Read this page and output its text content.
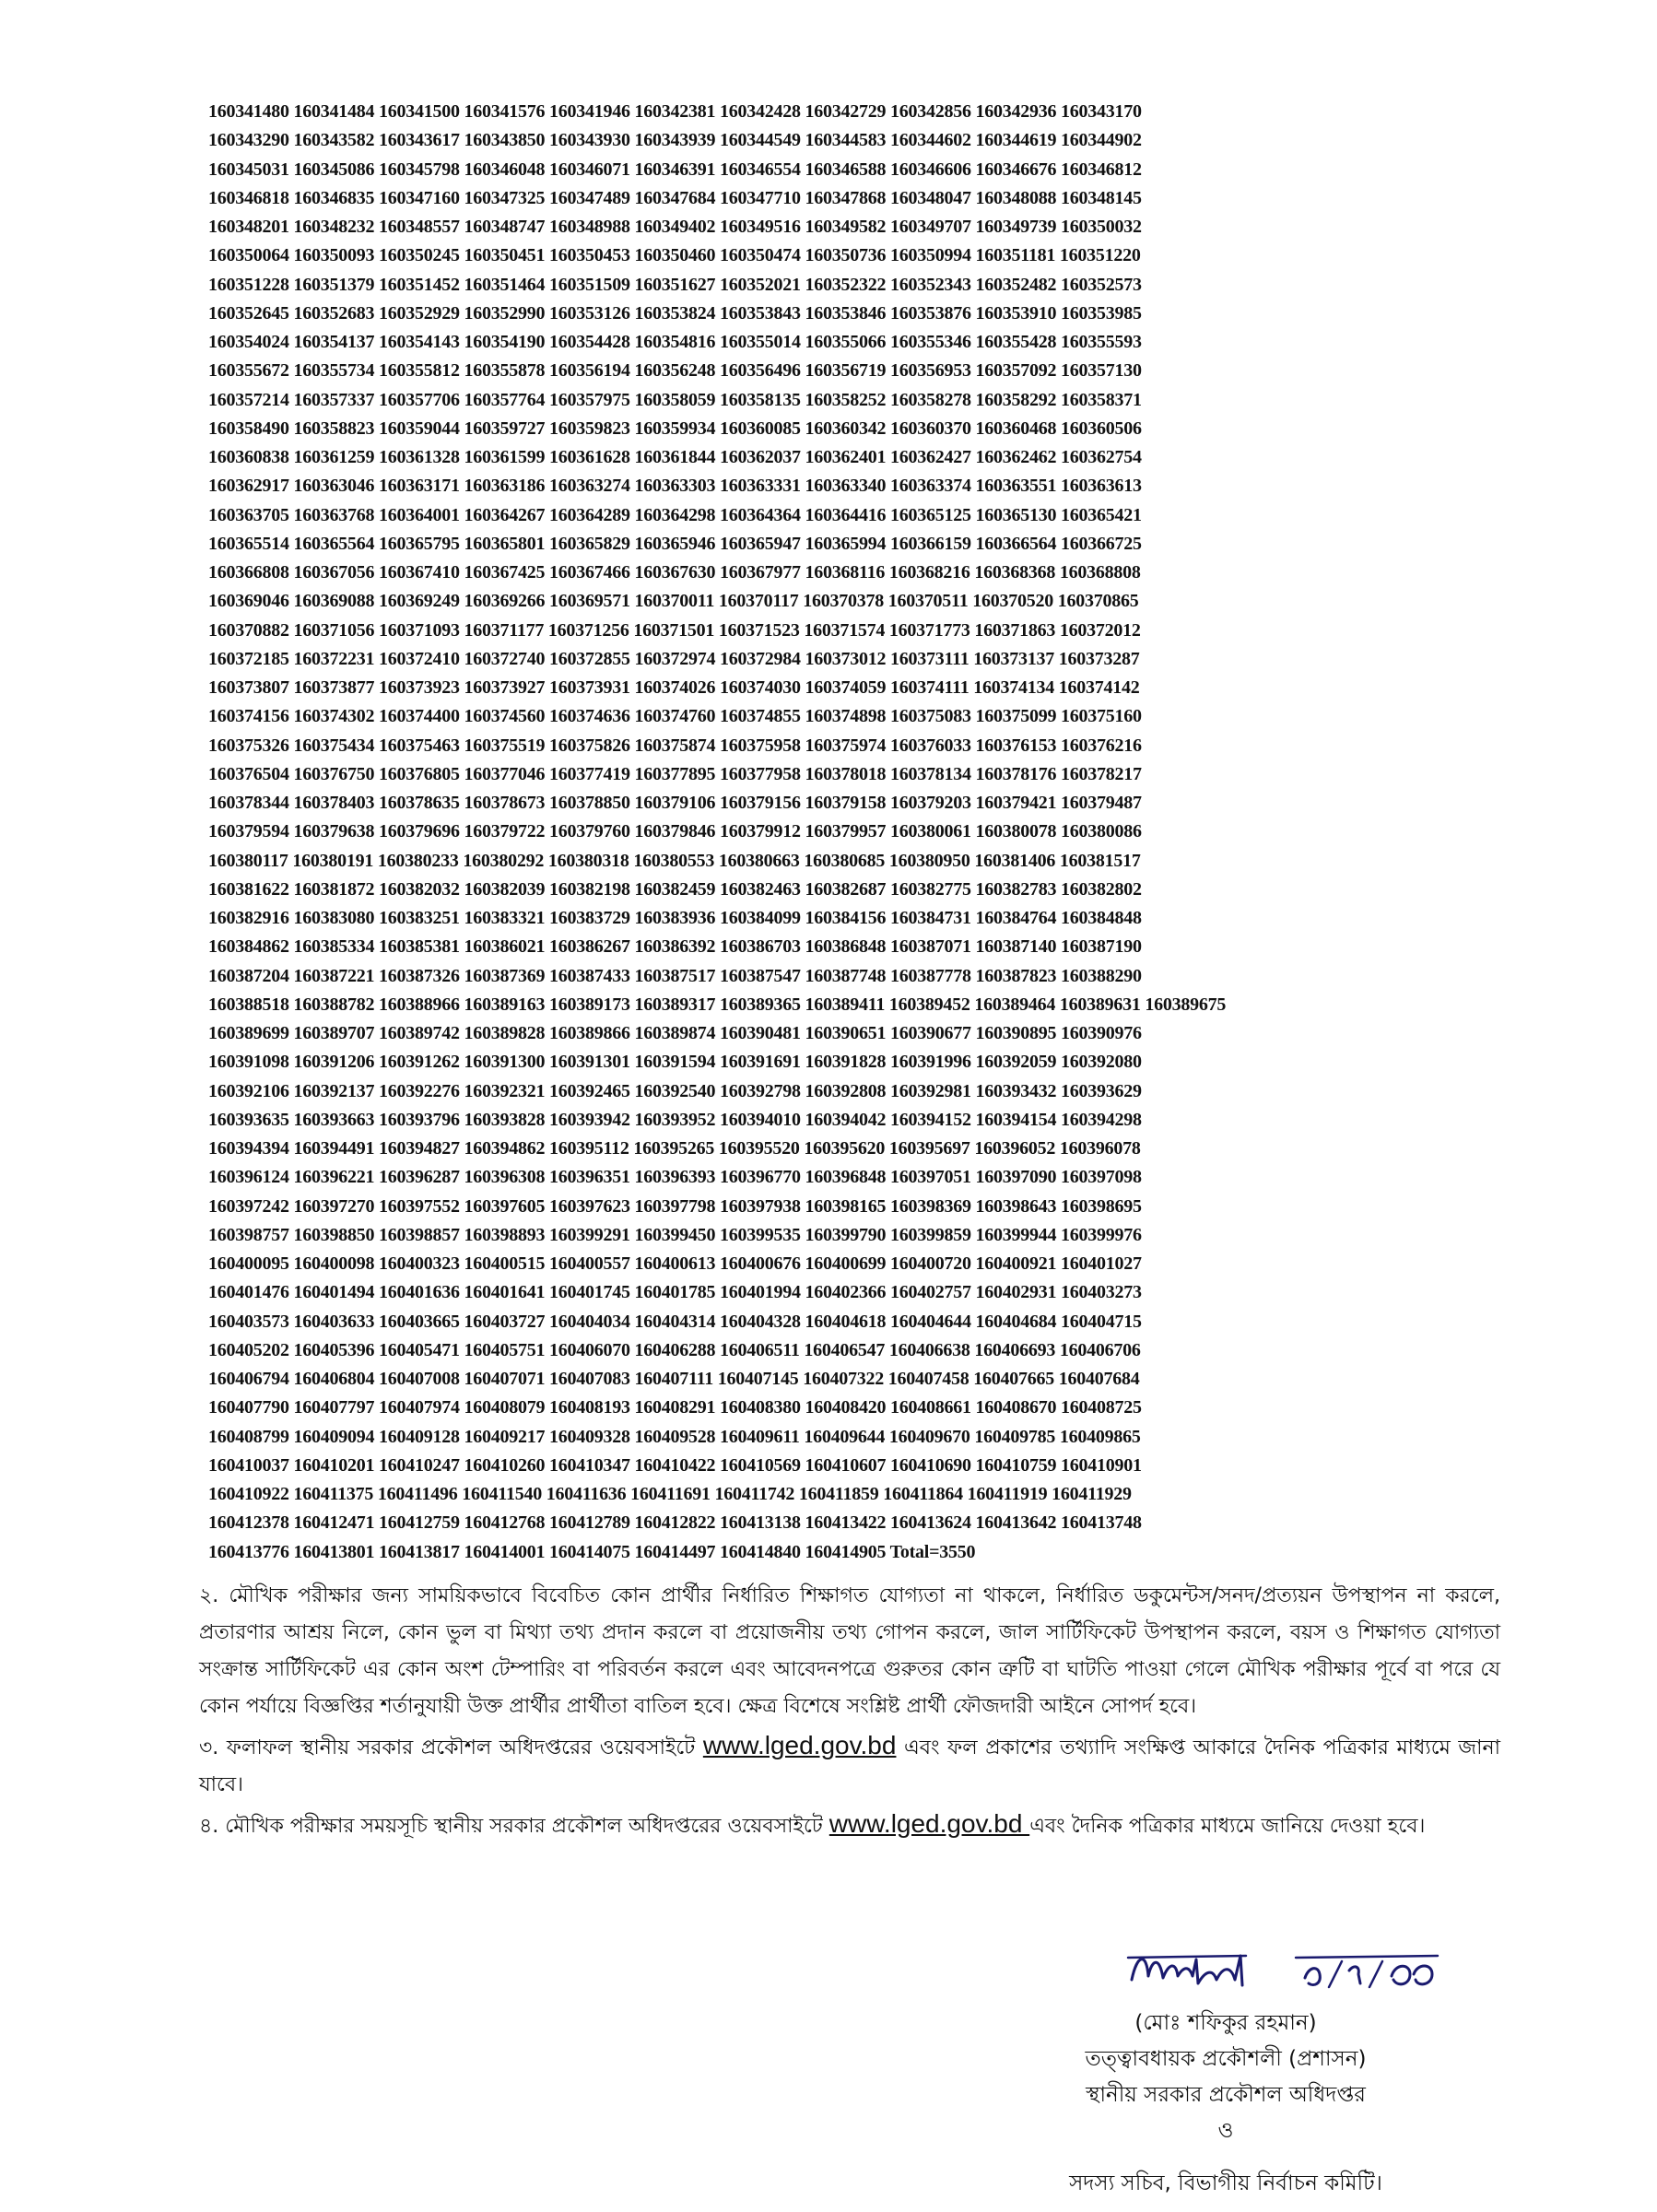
160341480 160341484 160341500 160341576 160341946 160342381 160342428 160342729 160342856 160342936 160343170
160343290 160343582 160343617 160343850 160343930 160343939 160344549 160344583 160344602 160344619 160344902
160345031 160345086 160345798 160346048 160346071 160346391 160346554 160346588 160346606 160346676 160346812
160346818 160346835 160347160 160347325 160347489 160347684 160347710 160347868 160348047 160348088 160348145
160348201 160348232 160348557 160348747 160348988 160349402 160349516 160349582 160349707 160349739 160350032
160350064 160350093 160350245 160350451 160350453 160350460 160350474 160350736 160350994 160351181 160351220
160351228 160351379 160351452 160351464 160351509 160351627 160352021 160352322 160352343 160352482 160352573
160352645 160352683 160352929 160352990 160353126 160353824 160353843 160353846 160353876 160353910 160353985
160354024 160354137 160354143 160354190 160354428 160354816 160355014 160355066 160355346 160355428 160355593
160355672 160355734 160355812 160355878 160356194 160356248 160356496 160356719 160356953 160357092 160357130
160357214 160357337 160357706 160357764 160357975 160358059 160358135 160358252 160358278 160358292 160358371
160358490 160358823 160359044 160359727 160359823 160359934 160360085 160360342 160360370 160360468 160360506
160360838 160361259 160361328 160361599 160361628 160361844 160362037 160362401 160362427 160362462 160362754
160362917 160363046 160363171 160363186 160363274 160363303 160363331 160363340 160363374 160363551 160363613
160363705 160363768 160364001 160364267 160364289 160364298 160364364 160364416 160365125 160365130 160365421
160365514 160365564 160365795 160365801 160365829 160365946 160365947 160365994 160366159 160366564 160366725
160366808 160367056 160367410 160367425 160367466 160367630 160367977 160368116 160368216 160368368 160368808
160369046 160369088 160369249 160369266 160369571 160370011 160370117 160370378 160370511 160370520 160370865
160370882 160371056 160371093 160371177 160371256 160371501 160371523 160371574 160371773 160371863 160372012
160372185 160372231 160372410 160372740 160372855 160372974 160372984 160373012 160373111 160373137 160373287
160373807 160373877 160373923 160373927 160373931 160374026 160374030 160374059 160374111 160374134 160374142
160374156 160374302 160374400 160374560 160374636 160374760 160374855 160374898 160375083 160375099 160375160
160375326 160375434 160375463 160375519 160375826 160375874 160375958 160375974 160376033 160376153 160376216
160376504 160376750 160376805 160377046 160377419 160377895 160377958 160378018 160378134 160378176 160378217
160378344 160378403 160378635 160378673 160378850 160379106 160379156 160379158 160379203 160379421 160379487
160379594 160379638 160379696 160379722 160379760 160379846 160379912 160379957 160380061 160380078 160380086
160380117 160380191 160380233 160380292 160380318 160380553 160380663 160380685 160380950 160381406 160381517
160381622 160381872 160382032 160382039 160382198 160382459 160382463 160382687 160382775 160382783 160382802
160382916 160383080 160383251 160383321 160383729 160383936 160384099 160384156 160384731 160384764 160384848
160384862 160385334 160385381 160386021 160386267 160386392 160386703 160386848 160387071 160387140 160387190
160387204 160387221 160387326 160387369 160387433 160387517 160387547 160387748 160387778 160387823 160388290
160388518 160388782 160388966 160389163 160389173 160389317 160389365 160389411 160389452 160389464 160389631 160389675
160389699 160389707 160389742 160389828 160389866 160389874 160390481 160390651 160390677 160390895 160390976
160391098 160391206 160391262 160391300 160391301 160391594 160391691 160391828 160391996 160392059 160392080
160392106 160392137 160392276 160392321 160392465 160392540 160392798 160392808 160392981 160393432 160393629
160393635 160393663 160393796 160393828 160393942 160393952 160394010 160394042 160394152 160394154 160394298
160394394 160394491 160394827 160394862 160395112 160395265 160395520 160395620 160395697 160396052 160396078
160396124 160396221 160396287 160396308 160396351 160396393 160396770 160396848 160397051 160397090 160397098
160397242 160397270 160397552 160397605 160397623 160397798 160397938 160398165 160398369 160398643 160398695
160398757 160398850 160398857 160398893 160399291 160399450 160399535 160399790 160399859 160399944 160399976
160400095 160400098 160400323 160400515 160400557 160400613 160400676 160400699 160400720 160400921 160401027
160401476 160401494 160401636 160401641 160401745 160401785 160401994 160402366 160402757 160402931 160403273
160403573 160403633 160403665 160403727 160404034 160404314 160404328 160404618 160404644 160404684 160404715
160405202 160405396 160405471 160405751 160406070 160406288 160406511 160406547 160406638 160406693 160406706
160406794 160406804 160407008 160407071 160407083 160407111 160407145 160407322 160407458 160407665 160407684
160407790 160407797 160407974 160408079 160408193 160408291 160408380 160408420 160408661 160408670 160408725
160408799 160409094 160409128 160409217 160409328 160409528 160409611 160409644 160409670 160409785 160409865
160410037 160410201 160410247 160410260 160410347 160410422 160410569 160410607 160410690 160410759 160410901
160410922 160411375 160411496 160411540 160411636 160411691 160411742 160411859 160411864 160411919 160411929
160412378 160412471 160412759 160412768 160412789 160412822 160413138 160413422 160413624 160413642 160413748
160413776 160413801 160413817 160414001 160414075 160414497 160414840 160414905 Total=3550

২. মৌখিক পরীক্ষার জন্য সাময়িকভাবে বিবেচিত কোন প্রার্থীর নির্ধারিত শিক্ষাগত যোগ্যতা না থাকলে, নির্ধারিত ডকুমেন্টস/সনদ/প্রত্যয়ন উপস্থাপন না করলে, প্রতারণার আশ্রয় নিলে, কোন ভুল বা মিথ্যা তথ্য প্রদান করলে বা প্রয়োজনীয় তথ্য গোপন করলে, জাল সার্টিফিকেট উপস্থাপন করলে, বয়স ও শিক্ষাগত যোগ্যতা সংক্রান্ত সার্টিফিকেট এর কোন অংশ টেম্পারিং বা পরিবর্তন করলে এবং আবেদনপত্রে গুরুতর কোন ত্রুটি বা ঘাটতি পাওয়া গেলে মৌখিক পরীক্ষার পূর্বে বা পরে যে কোন পর্যায়ে বিজ্ঞপ্তির শর্তানুযায়ী উক্ত প্রার্থীর প্রার্থীতা বাতিল হবে। ক্ষেত্র বিশেষে সংশ্লিষ্ট প্রার্থী ফৌজদারী আইনে সোপর্দ হবে।

৩. ফলাফল স্থানীয় সরকার প্রকৌশল অধিদপ্তরের ওয়েবসাইটে www.lged.gov.bd এবং ফল প্রকাশের তথ্যাদি সংক্ষিপ্ত আকারে দৈনিক পত্রিকার মাধ্যমে জানা যাবে।

৪. মৌখিক পরীক্ষার সময়সূচি স্থানীয় সরকার প্রকৌশল অধিদপ্তরের ওয়েবসাইটে www.lged.gov.bd এবং দৈনিক পত্রিকার মাধ্যমে জানিয়ে দেওয়া হবে।

(মোঃ শফিকুর রহমান)
তত্ত্বাবধায়ক প্রকৌশলী (প্রশাসন)
স্থানীয় সরকার প্রকৌশল অধিদপ্তর
ও
সদস্য সচিব, বিভাগীয় নির্বাচন কমিটি।
